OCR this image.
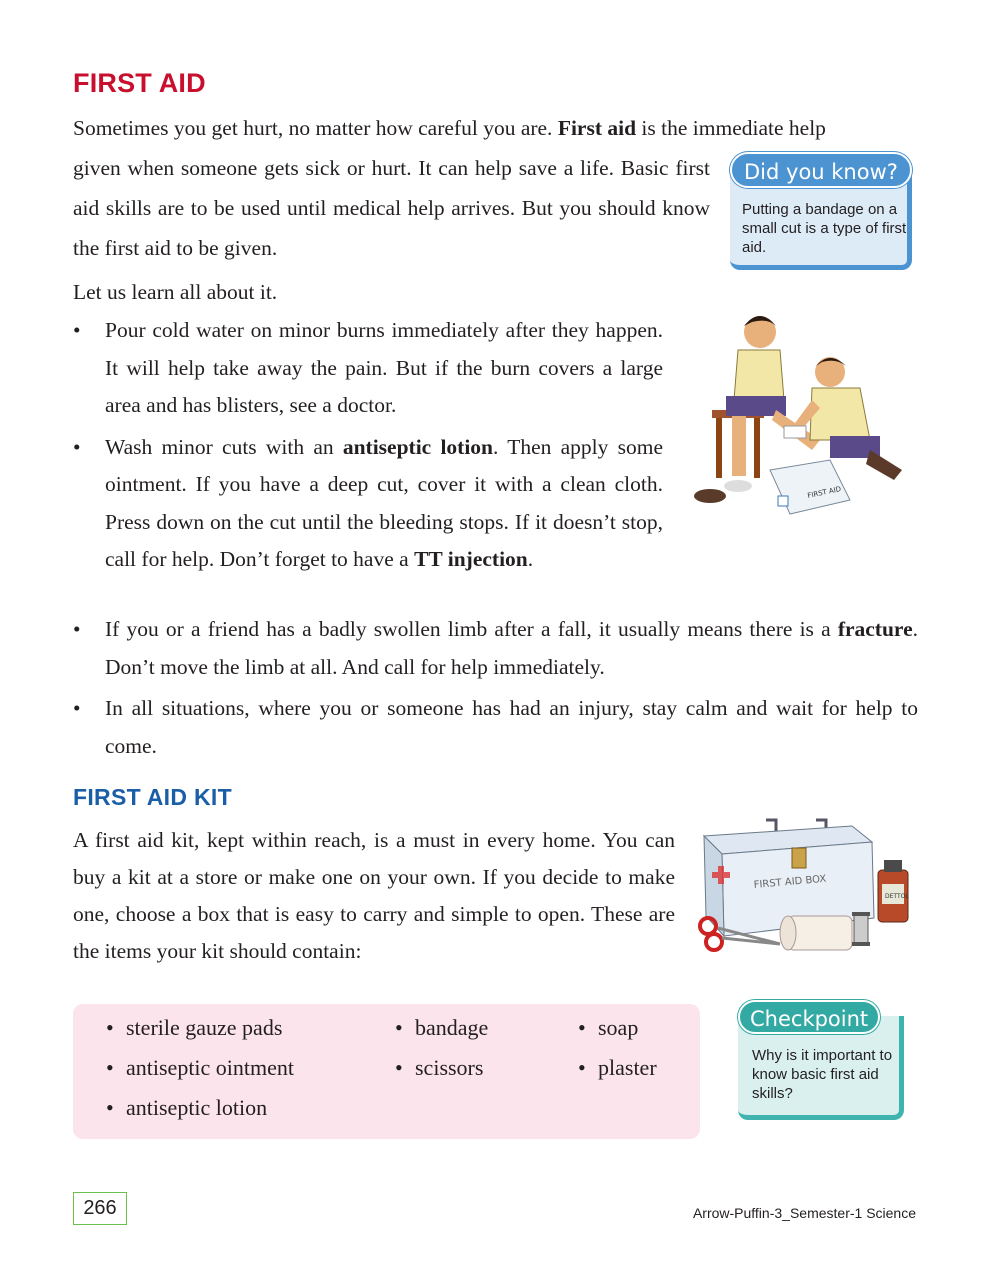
FIRST AID
Sometimes you get hurt, no matter how careful you are. First aid is the immediate help
given when someone gets sick or hurt. It can help save a life. Basic first aid skills are to be used until medical help arrives. But you should know the first aid to be given.
Let us learn all about it.
Did you know?
Putting a bandage on a small cut is a type of first aid.
• Pour cold water on minor burns immediately after they happen. It will help take away the pain. But if the burn covers a large area and has blisters, see a doctor.
• Wash minor cuts with an antiseptic lotion. Then apply some ointment. If you have a deep cut, cover it with a clean cloth. Press down on the cut until the bleeding stops. If it doesn’t stop, call for help. Don’t forget to have a TT injection.
FIRST AID
• If you or a friend has a badly swollen limb after a fall, it usually means there is a fracture. Don’t move the limb at all. And call for help immediately.
• In all situations, where you or someone has had an injury, stay calm and wait for help to come.
FIRST AID KIT
A first aid kit, kept within reach, is a must in every home. You can buy a kit at a store or make one on your own. If you decide to make one, choose a box that is easy to carry and simple to open. These are the items your kit should contain:
FIRST AID BOX
DETTOL
• sterile gauze pads
• antiseptic ointment
• antiseptic lotion
• bandage
• scissors
• soap
• plaster
Checkpoint
Why is it important to know basic first aid skills?
266	Arrow-Puffin-3_Semester-1 Science
